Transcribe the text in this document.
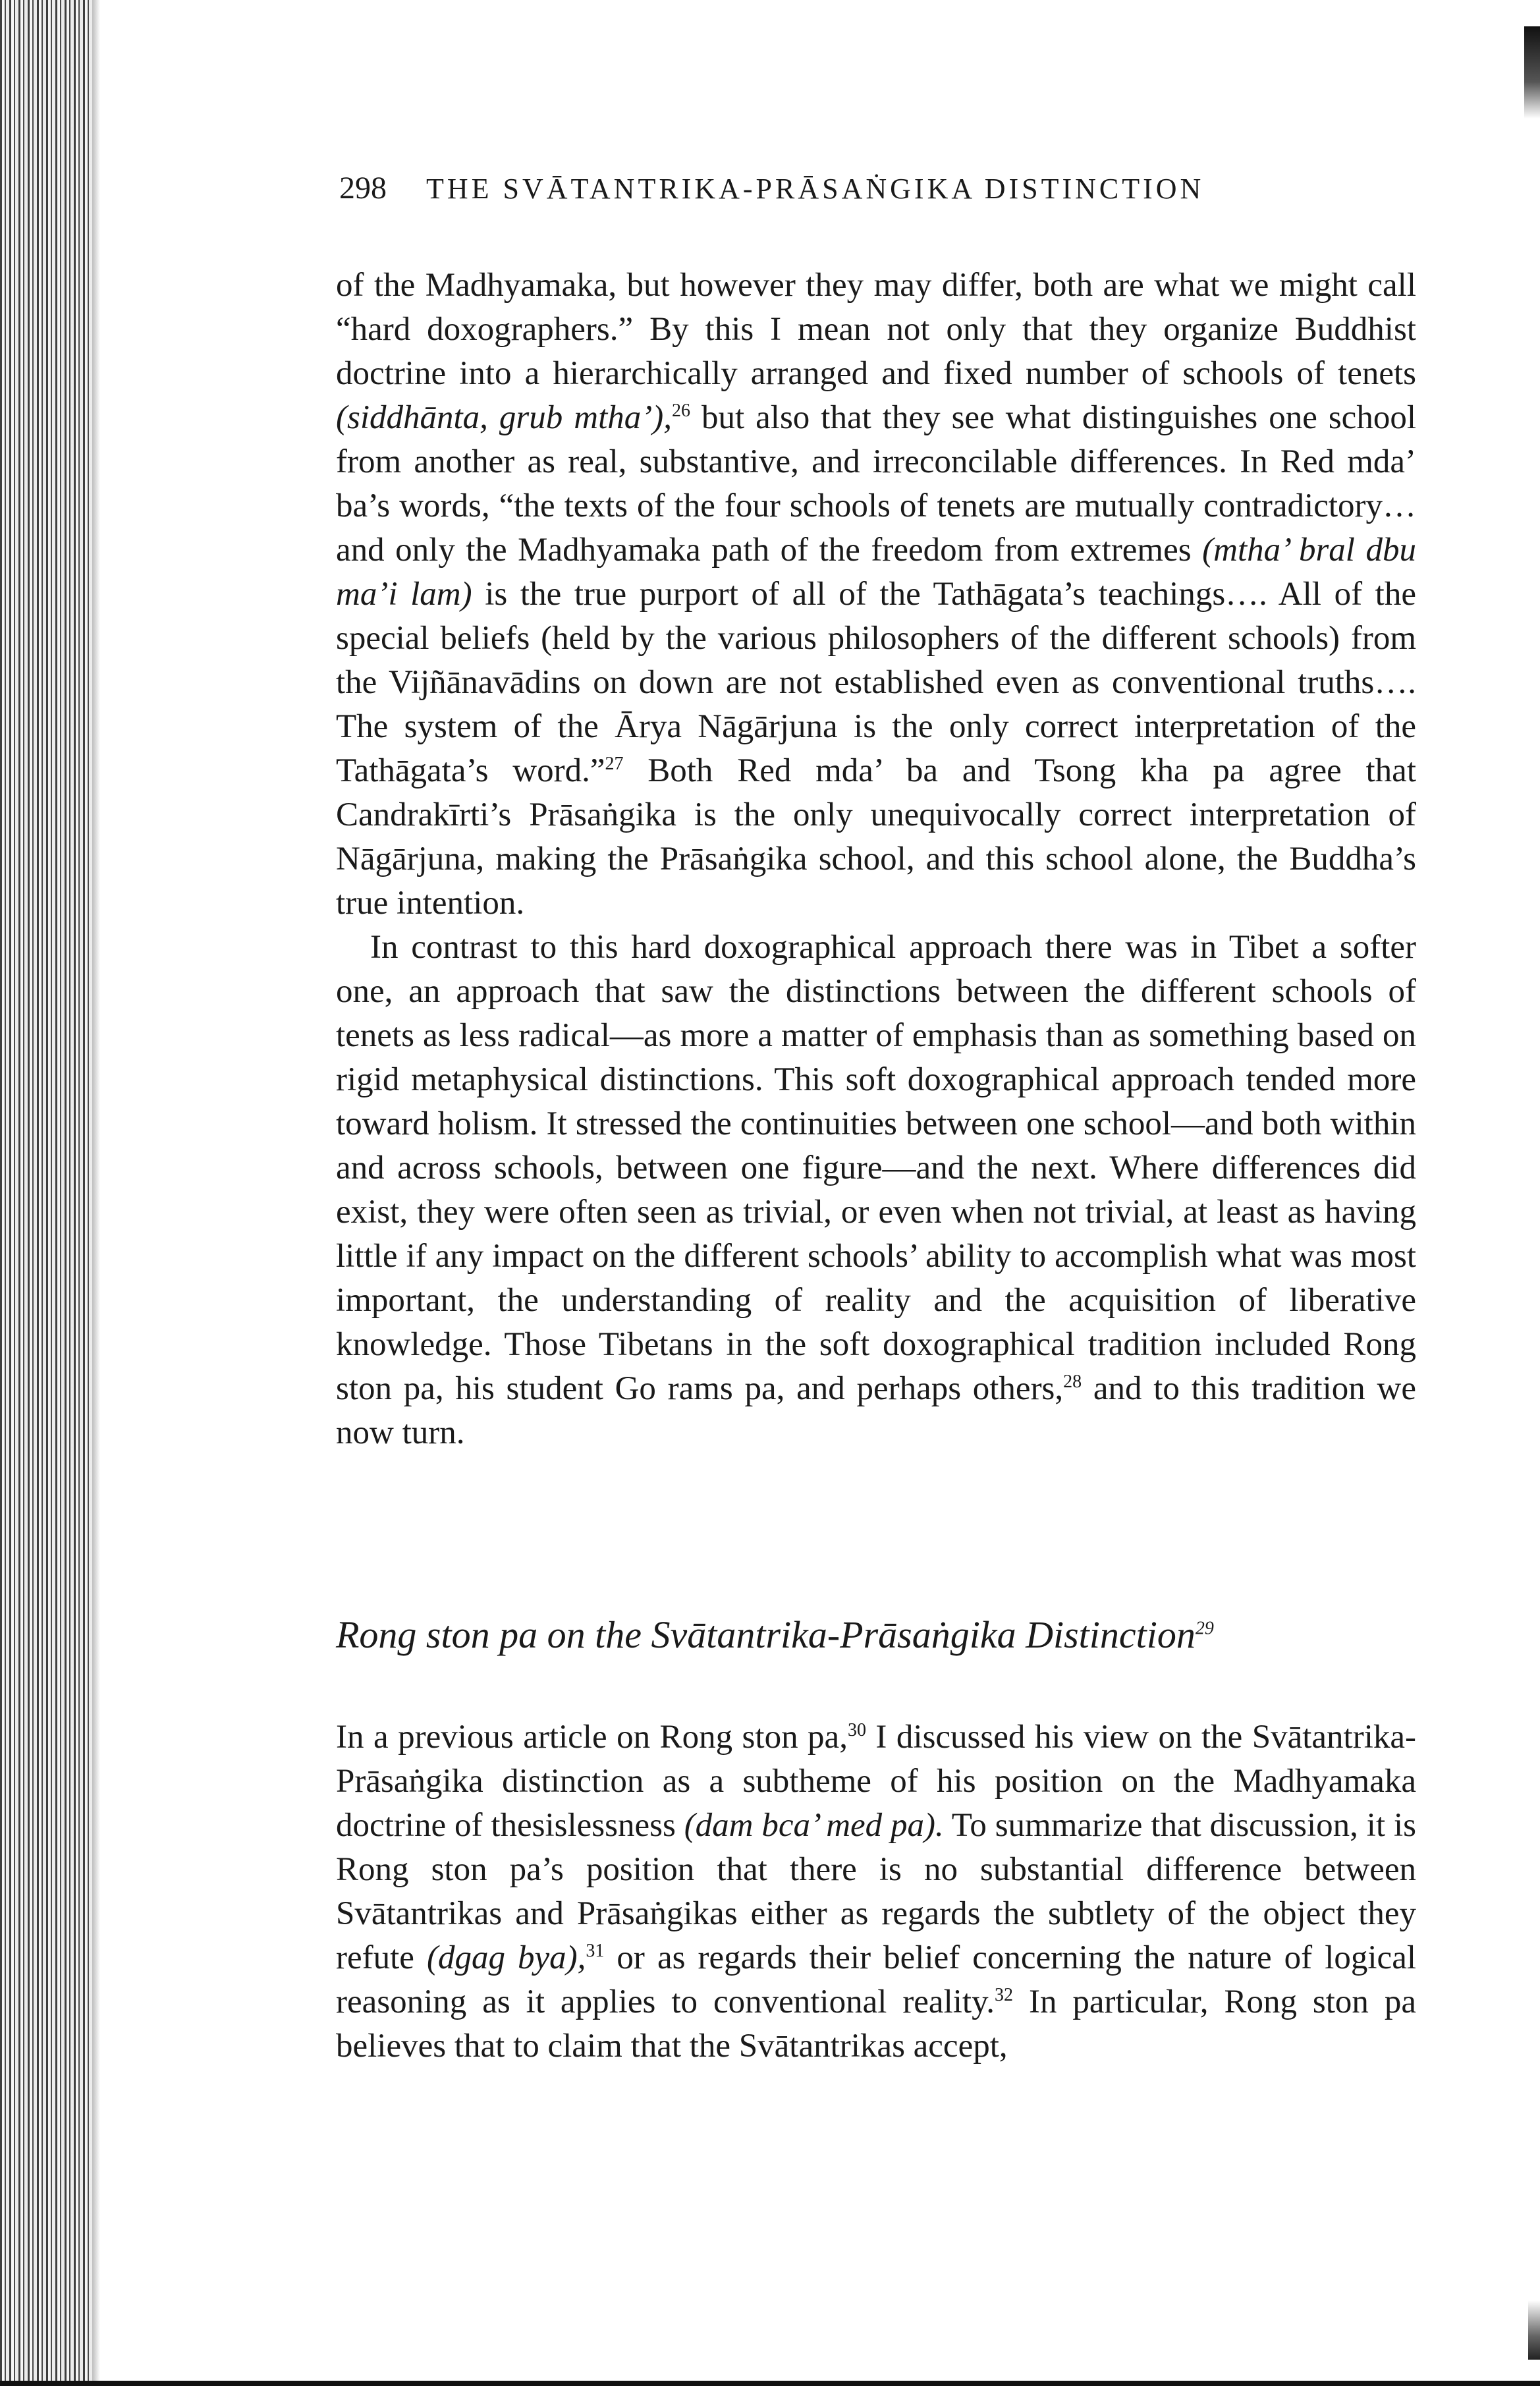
298 THE SVĀTANTRIKA-PRĀSAṄGIKA DISTINCTION

of the Madhyamaka, but however they may differ, both are what we might call “hard doxographers.” By this I mean not only that they organize Buddhist doctrine into a hierarchically arranged and fixed number of schools of tenets (siddhānta, grub mtha’),$^{26}$ but also that they see what distinguishes one school from another as real, substantive, and irreconcilable differences. In Red mda’ ba’s words, “the texts of the four schools of tenets are mutually contradictory…and only the Madhyamaka path of the freedom from extremes (mtha’ bral dbu ma’i lam) is the true purport of all of the Tathāgata’s teachings…. All of the special beliefs (held by the various philosophers of the different schools) from the Vijñānavādins on down are not established even as conventional truths…. The system of the Ārya Nāgārjuna is the only correct interpretation of the Tathāgata’s word.”$^{27}$ Both Red mda’ ba and Tsong kha pa agree that Candrakīrti’s Prāsaṅgika is the only unequivocally correct interpretation of Nāgārjuna, making the Prāsaṅgika school, and this school alone, the Buddha’s true intention.

In contrast to this hard doxographical approach there was in Tibet a softer one, an approach that saw the distinctions between the different schools of tenets as less radical—as more a matter of emphasis than as something based on rigid metaphysical distinctions. This soft doxographical approach tended more toward holism. It stressed the continuities between one school—and both within and across schools, between one figure—and the next. Where differences did exist, they were often seen as trivial, or even when not trivial, at least as having little if any impact on the different schools’ ability to accomplish what was most important, the understanding of reality and the acquisition of liberative knowledge. Those Tibetans in the soft doxographical tradition included Rong ston pa, his student Go rams pa, and perhaps others,$^{28}$ and to this tradition we now turn.

Rong ston pa on the Svātantrika-Prāsaṅgika Distinction$^{29}$

In a previous article on Rong ston pa,$^{30}$ I discussed his view on the Svātantrika-Prāsaṅgika distinction as a subtheme of his position on the Madhyamaka doctrine of thesislessness (dam bca’ med pa). To summarize that discussion, it is Rong ston pa’s position that there is no substantial difference between Svātantrikas and Prāsaṅgikas either as regards the subtlety of the object they refute (dgag bya),$^{31}$ or as regards their belief concerning the nature of logical reasoning as it applies to conventional reality.$^{32}$ In particular, Rong ston pa believes that to claim that the Svātantrikas accept,
